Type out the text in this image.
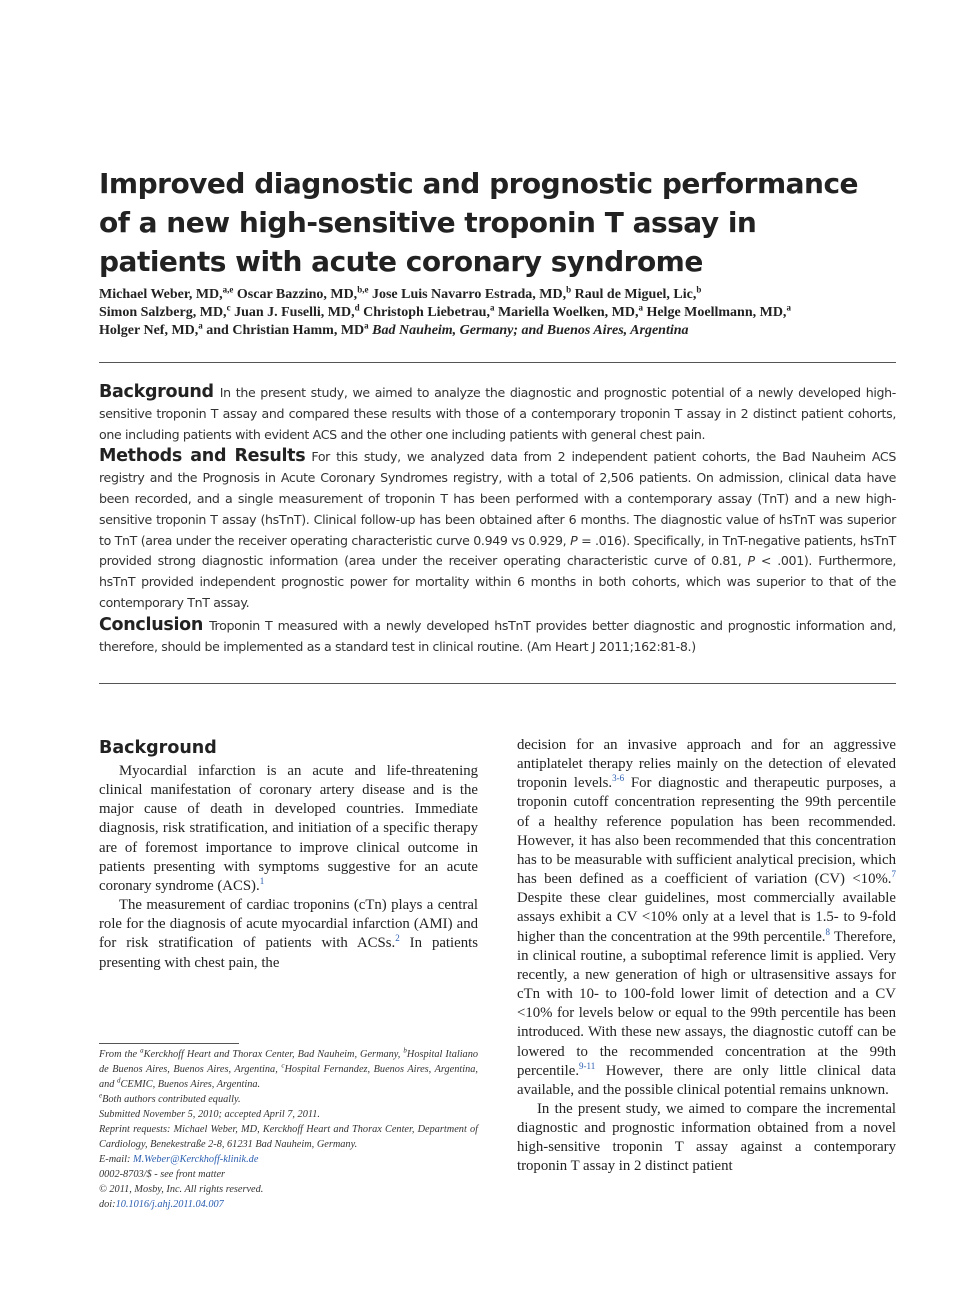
Improved diagnostic and prognostic performance
of a new high-sensitive troponin T assay in
patients with acute coronary syndrome
Michael Weber, MD,$^{a,e}$ Oscar Bazzino, MD,$^{b,e}$ Jose Luis Navarro Estrada, MD,$^b$ Raul de Miguel, Lic,$^b$
Simon Salzberg, MD,$^c$ Juan J. Fuselli, MD,$^d$ Christoph Liebetrau,$^a$ Mariella Woelken, MD,$^a$ Helge Moellmann, MD,$^a$
Holger Nef, MD,$^a$ and Christian Hamm, $MD^a$ Bad Nauheim, Germany; and Buenos Aires, Argentina

Background In the present study, we aimed to analyze the diagnostic and prognostic potential of a newly developed high-sensitive troponin T assay and compared these results with those of a contemporary troponin T assay in 2 distinct patient cohorts, one including patients with evident ACS and the other one including patients with general chest pain.

Methods and Results For this study, we analyzed data from 2 independent patient cohorts, the Bad Nauheim ACS registry and the Prognosis in Acute Coronary Syndromes registry, with a total of 2,506 patients. On admission, clinical data have been recorded, and a single measurement of troponin T has been performed with a contemporary assay (TnT) and a new high-sensitive troponin T assay (hsTnT). Clinical follow-up has been obtained after 6 months. The diagnostic value of hsTnT was superior to TnT (area under the receiver operating characteristic curve 0.949 vs 0.929, P = .016). Specifically, in TnT-negative patients, hsTnT provided strong diagnostic information (area under the receiver operating characteristic curve of 0.81, P < .001). Furthermore, hsTnT provided independent prognostic power for mortality within 6 months in both cohorts, which was superior to that of the contemporary TnT assay.

Conclusion Troponin T measured with a newly developed hsTnT provides better diagnostic and prognostic information and, therefore, should be implemented as a standard test in clinical routine. (Am Heart J 2011;162:81-8.)

Background

Myocardial infarction is an acute and life-threatening clinical manifestation of coronary artery disease and is the major cause of death in developed countries. Immediate diagnosis, risk stratification, and initiation of a specific therapy are of foremost importance to improve clinical outcome in patients presenting with symptoms suggestive for an acute coronary syndrome (ACS).$^1$

The measurement of cardiac troponins (cTn) plays a central role for the diagnosis of acute myocardial infarction (AMI) and for risk stratification of patients with ACSs.$^2$ In patients presenting with chest pain, the

decision for an invasive approach and for an aggressive antiplatelet therapy relies mainly on the detection of elevated troponin levels.$^{3-6}$ For diagnostic and therapeutic purposes, a troponin cutoff concentration representing the 99th percentile of a healthy reference population has been recommended. However, it has also been recommended that this concentration has to be measurable with sufficient analytical precision, which has been defined as a coefficient of variation (CV) <10%.$^7$ Despite these clear guidelines, most commercially available assays exhibit a CV <10% only at a level that is 1.5- to 9-fold higher than the concentration at the 99th percentile.$^8$ Therefore, in clinical routine, a suboptimal reference limit is applied. Very recently, a new generation of high or ultrasensitive assays for cTn with 10- to 100-fold lower limit of detection and a CV <10% for levels below or equal to the 99th percentile has been introduced. With these new assays, the diagnostic cutoff can be lowered to the recommended concentration at the 99th percentile.$^{9-11}$ However, there are only little clinical data available, and the possible clinical potential remains unknown.

In the present study, we aimed to compare the incremental diagnostic and prognostic information obtained from a novel high-sensitive troponin T assay against a contemporary troponin T assay in 2 distinct patient

From the $^a$Kerckhoff Heart and Thorax Center, Bad Nauheim, Germany, $^b$Hospital Italiano de Buenos Aires, Buenos Aires, Argentina, $^c$Hospital Fernandez, Buenos Aires, Argentina, and $^d$CEMIC, Buenos Aires, Argentina.

$^e$Both authors contributed equally.

Submitted November 5, 2010; accepted April 7, 2011.

Reprint requests: Michael Weber, MD, Kerckhoff Heart and Thorax Center, Department of Cardiology, Benekestraße 2-8, 61231 Bad Nauheim, Germany.

E-mail: M.Weber@Kerckhoff-klinik.de

0002-8703/$ - see front matter

© 2011, Mosby, Inc. All rights reserved.

doi:10.1016/j.ahj.2011.04.007
